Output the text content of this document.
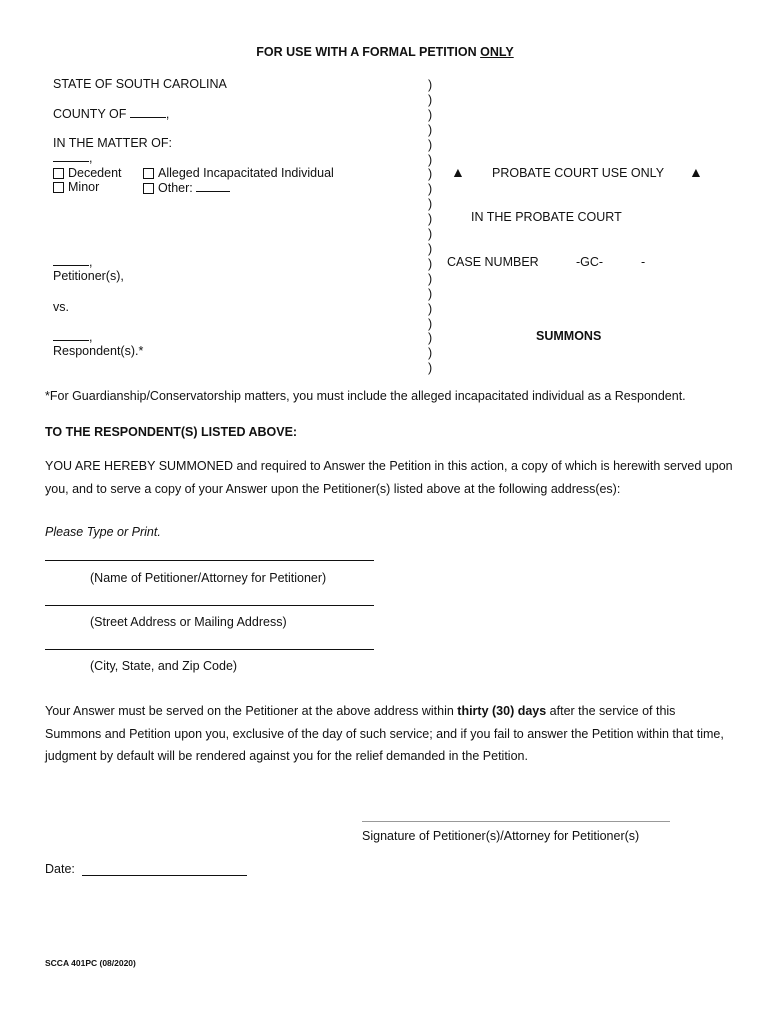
FOR USE WITH A FORMAL PETITION ONLY
STATE OF SOUTH CAROLINA
COUNTY OF	,
IN THE MATTER OF:
,
Decedent
Minor
Alleged Incapacitated Individual
Other:
,
Petitioner(s),
vs.
,
Respondent(s).*
)
)
)
)
)
)
)
)
)
)
)
)
)
)
)
)
)
)
)
)
▲ PROBATE COURT USE ONLY ▲
IN THE PROBATE COURT
CASE NUMBER	-GC-	-
SUMMONS
*For Guardianship/Conservatorship matters, you must include the alleged incapacitated individual as a Respondent.
TO THE RESPONDENT(S) LISTED ABOVE:
YOU ARE HEREBY SUMMONED and required to Answer the Petition in this action, a copy of which is herewith served upon you, and to serve a copy of your Answer upon the Petitioner(s) listed above at the following address(es):
Please Type or Print.
(Name of Petitioner/Attorney for Petitioner)
(Street Address or Mailing Address)
(City, State, and Zip Code)
Your Answer must be served on the Petitioner at the above address within thirty (30) days after the service of this Summons and Petition upon you, exclusive of the day of such service; and if you fail to answer the Petition within that time, judgment by default will be rendered against you for the relief demanded in the Petition.
Signature of Petitioner(s)/Attorney for Petitioner(s)
Date:
SCCA 401PC (08/2020)
